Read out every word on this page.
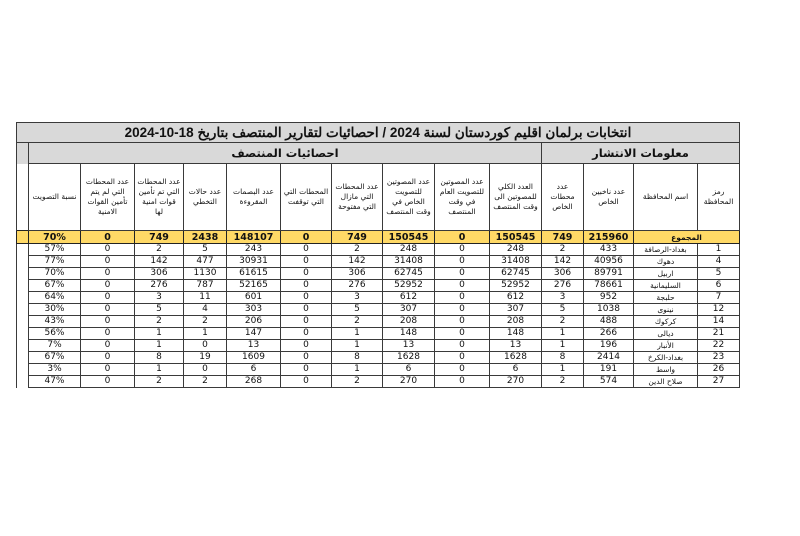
انتخابات برلمان اقليم كوردستان لسنة 2024 / احصائيات لتقارير المنتصف بتاريخ 18-10-2024														
معلومات الانتشار				احصائيات المنتصف										
رمز المحافظة	اسم المحافظة	عدد ناخبين الخاص	عدد محطات الخاص	العدد الكلي للمصوتين الى وقت المنتصف	عدد المصوتين للتصويت العام في وقت المنتصف	عدد المصوتين للتصويت الخاص في وقت المنتصف	عدد المحطات التي مازال التي مفتوحة	المحطات التي التي توقفت	عدد البصمات المقروءة	عدد حالات التخطي	عدد المحطات التي تم تأمين قوات امنية لها	عدد المحطات التي لم يتم تأمين القوات الامنية	نسبة التصويت	
المجموع		215960	749	150545	0	150545	749	0	148107	2438	749	0	70%	
1	بغداد-الرصافة	433	2	248	0	248	2	0	243	5	2	0	57%	
4	دهوك	40956	142	31408	0	31408	142	0	30931	477	142	0	77%	
5	اربيل	89791	306	62745	0	62745	306	0	61615	1130	306	0	70%	
6	السليمانية	78661	276	52952	0	52952	276	0	52165	787	276	0	67%	
7	حلبجة	952	3	612	0	612	3	0	601	11	3	0	64%	
12	نينوى	1038	5	307	0	307	5	0	303	4	5	0	30%	
14	كركوك	488	2	208	0	208	2	0	206	2	2	0	43%	
21	ديالى	266	1	148	0	148	1	0	147	1	1	0	56%	
22	الأنبار	196	1	13	0	13	1	0	13	0	1	0	7%	
23	بغداد-الكرخ	2414	8	1628	0	1628	8	0	1609	19	8	0	67%	
26	واسط	191	1	6	0	6	1	0	6	0	1	0	3%	
27	صلاح الدين	574	2	270	0	270	2	0	268	2	2	0	47%	
